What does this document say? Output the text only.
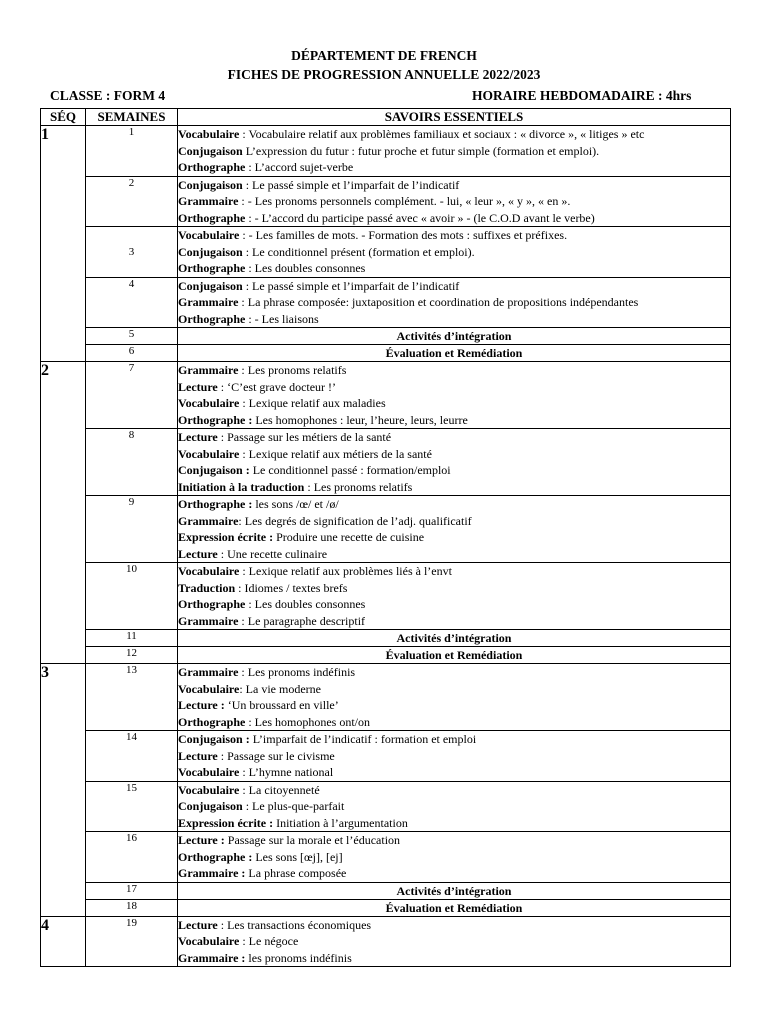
DÉPARTEMENT DE FRENCH
FICHES DE PROGRESSION ANNUELLE 2022/2023
CLASSE : FORM 4	HORAIRE HEBDOMADAIRE : 4hrs
SÉQ	SEMAINES	SAVOIRS ESSENTIELS
1	1	Vocabulaire : Vocabulaire relatif aux problèmes familiaux et sociaux : « divorce », « litiges » etc
Conjugaison L’expression du futur : futur proche et futur simple (formation et emploi).
Orthographe : L’accord sujet-verbe

	2	Conjugaison : Le passé simple et l’imparfait de l’indicatif
Grammaire : - Les pronoms personnels complément. - lui, « leur », « y », « en ».
Orthographe : - L’accord du participe passé avec « avoir » - (le C.O.D avant le verbe)

	3	Vocabulaire : - Les familles de mots. - Formation des mots : suffixes et préfixes.
Conjugaison : Le conditionnel présent (formation et emploi).
Orthographe : Les doubles consonnes

	4	Conjugaison : Le passé simple et l’imparfait de l’indicatif
Grammaire : La phrase composée: juxtaposition et coordination de propositions indépendantes
Orthographe : - Les liaisons

	5	Activités d’intégration
	6	Évaluation et Remédiation
2	7	Grammaire : Les pronoms relatifs
Lecture : ‘C’est grave docteur !’
Vocabulaire : Lexique relatif aux maladies
Orthographe : Les homophones : leur, l’heure, leurs, leurre

	8	Lecture : Passage sur les métiers de la santé
Vocabulaire : Lexique relatif aux métiers de la santé
Conjugaison : Le conditionnel passé : formation/emploi
Initiation à la traduction : Les pronoms relatifs

	9	Orthographe : les sons /œ/ et /ø/
Grammaire: Les degrés de signification de l’adj. qualificatif
Expression écrite : Produire une recette de cuisine
Lecture : Une recette culinaire

	10	Vocabulaire : Lexique relatif aux problèmes liés à l’envt
Traduction : Idiomes / textes brefs
Orthographe : Les doubles consonnes
Grammaire : Le paragraphe descriptif

	11	Activités d’intégration
	12	Évaluation et Remédiation
3	13	Grammaire : Les pronoms indéfinis
Vocabulaire: La vie moderne
Lecture : ‘Un broussard en ville’
Orthographe : Les homophones ont/on

	14	Conjugaison : L’imparfait de l’indicatif : formation et emploi
Lecture : Passage sur le civisme
Vocabulaire : L’hymne national

	15	Vocabulaire : La citoyenneté
Conjugaison : Le plus-que-parfait
Expression écrite : Initiation à l’argumentation

	16	Lecture : Passage sur la morale et l’éducation
Orthographe : Les sons [œj], [ej]
Grammaire : La phrase composée

	17	Activités d’intégration
	18	Évaluation et Remédiation
4	19	Lecture : Les transactions économiques
Vocabulaire : Le négoce
Grammaire : les pronoms indéfinis
